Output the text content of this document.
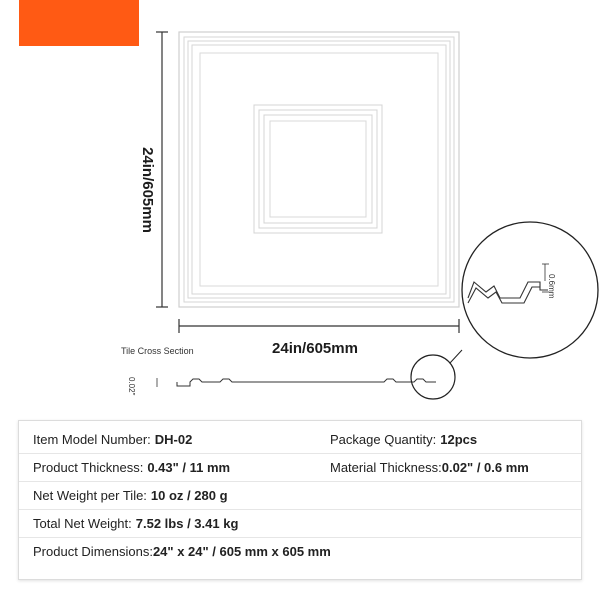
24in/605mm
24in/605mm
Tile Cross Section
0.02"
0.6mm
Item Model Number: DH-02	Package Quantity: 12pcs
Product Thickness: 0.43" / 11 mm	Material Thickness:0.02" / 0.6 mm
Net Weight per Tile: 10 oz / 280 g
Total Net Weight: 7.52 lbs / 3.41 kg
Product Dimensions:24" x 24" / 605 mm x 605 mm
